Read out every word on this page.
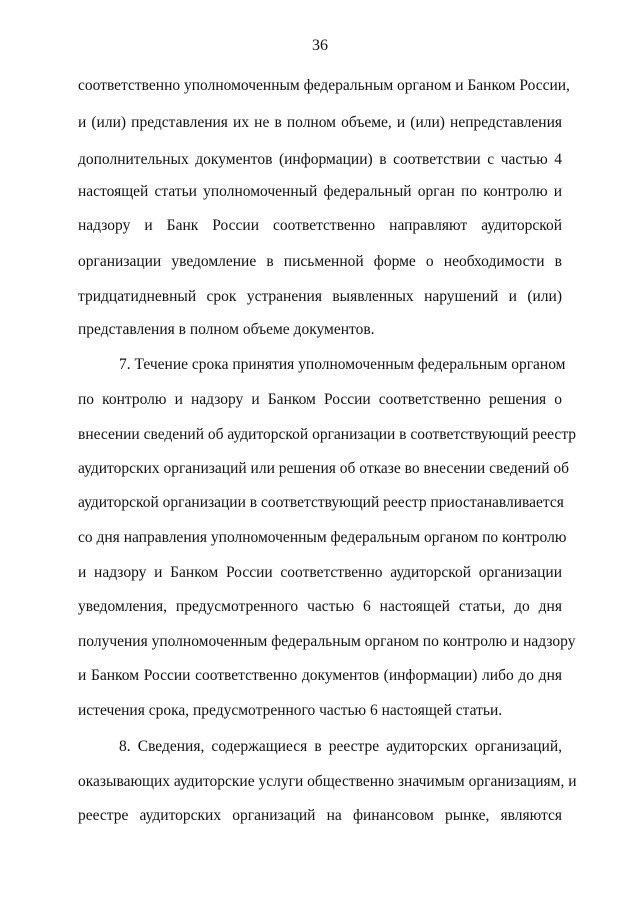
36
соответственно уполномоченным федеральным органом и Банком России,
и (или) представления их не в полном объеме, и (или) непредставления
дополнительных документов (информации) в соответствии с частью 4
настоящей статьи уполномоченный федеральный орган по контролю и
надзору и Банк России соответственно направляют аудиторской
организации уведомление в письменной форме о необходимости в
тридцатидневный срок устранения выявленных нарушений и (или)
представления в полном объеме документов.
7. Течение срока принятия уполномоченным федеральным органом
по контролю и надзору и Банком России соответственно решения о
внесении сведений об аудиторской организации в соответствующий реестр
аудиторских организаций или решения об отказе во внесении сведений об
аудиторской организации в соответствующий реестр приостанавливается
со дня направления уполномоченным федеральным органом по контролю
и надзору и Банком России соответственно аудиторской организации
уведомления, предусмотренного частью 6 настоящей статьи, до дня
получения уполномоченным федеральным органом по контролю и надзору
и Банком России соответственно документов (информации) либо до дня
истечения срока, предусмотренного частью 6 настоящей статьи.
8. Сведения, содержащиеся в реестре аудиторских организаций,
оказывающих аудиторские услуги общественно значимым организациям, и
реестре аудиторских организаций на финансовом рынке, являются
